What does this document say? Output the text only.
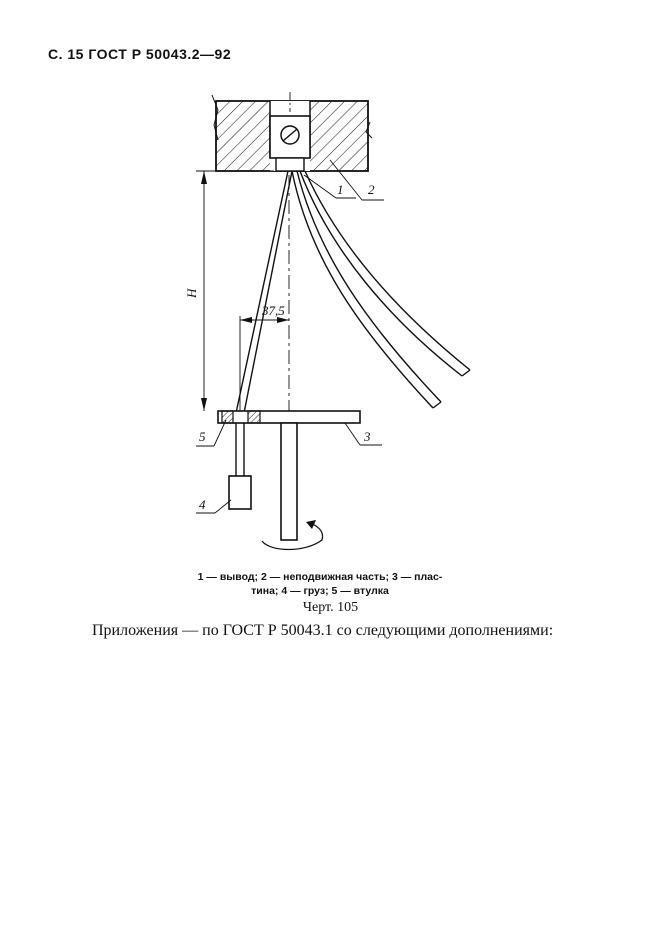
С. 15 ГОСТ Р 50043.2—92
H
37,5
1 2
3
4
5
1 — вывод; 2 — неподвижная часть; 3 — плас-
тина; 4 — груз; 5 — втулка
Черт. 105
Приложения — по ГОСТ Р 50043.1 со следующими дополнениями:
